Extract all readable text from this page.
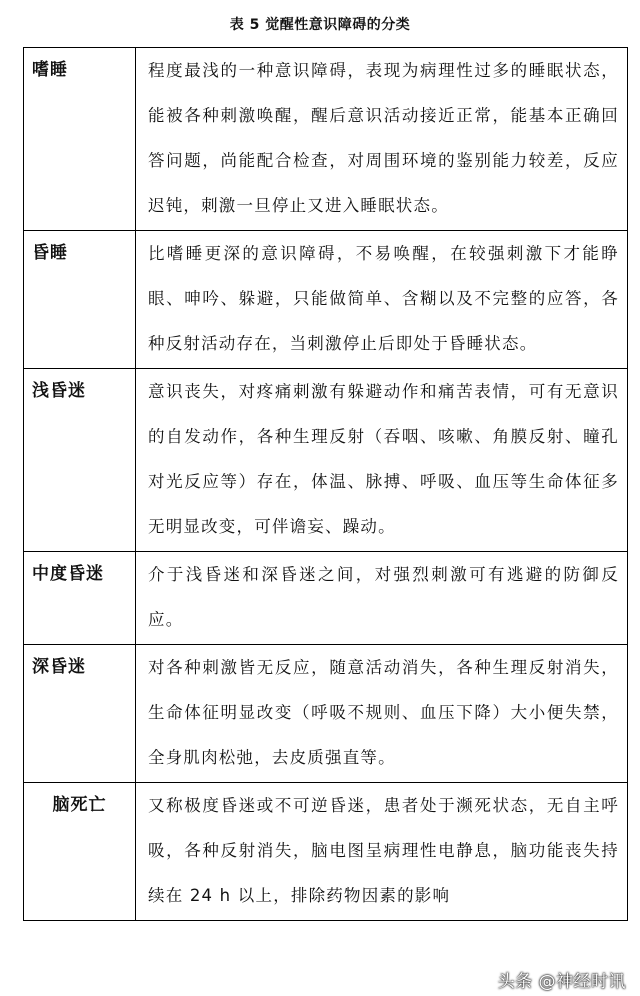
表 5 觉醒性意识障碍的分类
嗜睡	程度最浅的一种意识障碍，表现为病理性过多的睡眠状态，能被各种刺激唤醒，醒后意识活动接近正常，能基本正确回答问题，尚能配合检查，对周围环境的鉴别能力较差，反应迟钝，刺激一旦停止又进入睡眠状态。
昏睡	比嗜睡更深的意识障碍，不易唤醒，在较强刺激下才能睁眼、呻吟、躲避，只能做简单、含糊以及不完整的应答，各种反射活动存在，当刺激停止后即处于昏睡状态。
浅昏迷	意识丧失，对疼痛刺激有躲避动作和痛苦表情，可有无意识的自发动作，各种生理反射（吞咽、咳嗽、角膜反射、瞳孔对光反应等）存在，体温、脉搏、呼吸、血压等生命体征多无明显改变，可伴谵妄、躁动。
中度昏迷	介于浅昏迷和深昏迷之间，对强烈刺激可有逃避的防御反应。
深昏迷	对各种刺激皆无反应，随意活动消失，各种生理反射消失，生命体征明显改变（呼吸不规则、血压下降）大小便失禁，全身肌肉松弛，去皮质强直等。
脑死亡	又称极度昏迷或不可逆昏迷，患者处于濒死状态，无自主呼吸，各种反射消失，脑电图呈病理性电静息，脑功能丧失持续在 24 h 以上，排除药物因素的影响
头条 @神经时讯
